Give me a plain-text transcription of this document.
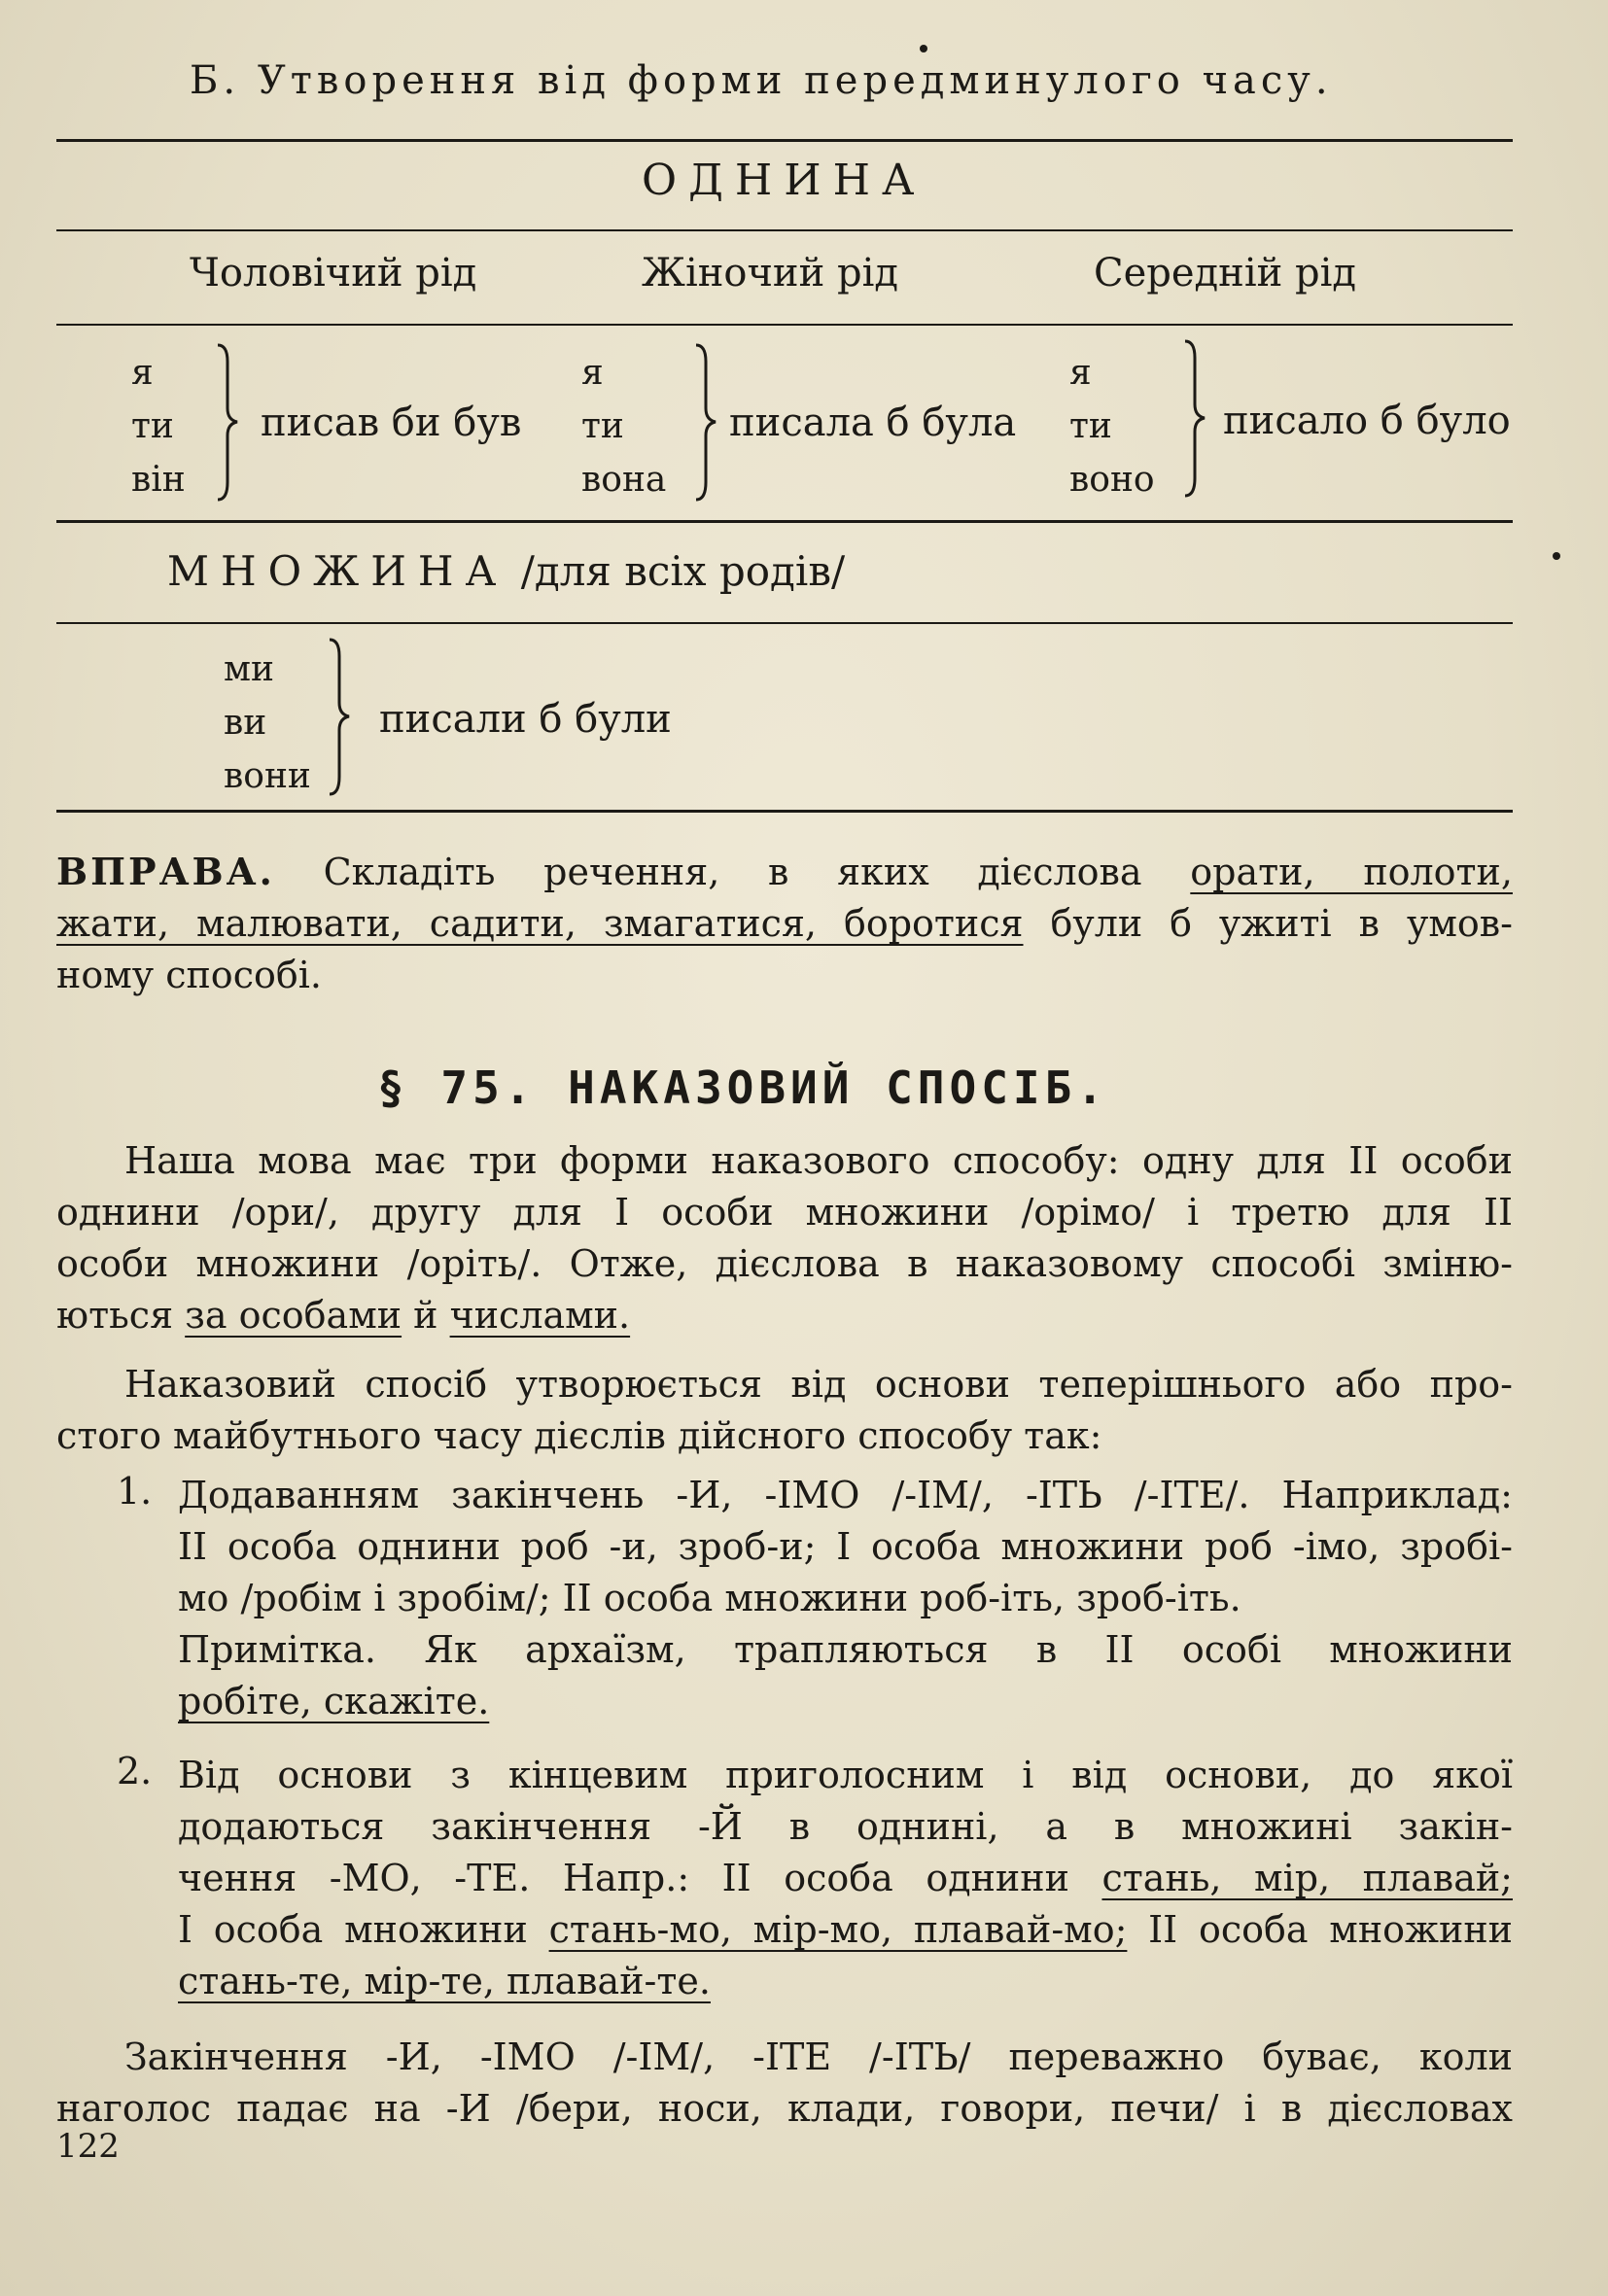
Б. Утворення від форми передминулого часу.
ОДНИНА
Чоловічий рід	Жіночий рід	Середній рід
я
ти
він
писав би був
я
ти
вона
писала б була
я
ти
воно
писало б було
МНОЖИНА /для всіх родів/
ми
ви
вони
писали б були
ВПРАВА. Складіть речення, в яких дієслова орати, полоти,
жати, малювати, садити, змагатися, боротися були б ужиті в умов-
ному способі.
§ 75. НАКАЗОВИЙ СПОСІБ.
Наша мова має три форми наказового способу: одну для II особи
однини /ори/, другу для I особи множини /орімо/ і третю для II
особи множини /оріть/. Отже, дієслова в наказовому способі зміню-
ються за особами й числами.
Наказовий спосіб утворюється від основи теперішнього або про-
стого майбутнього часу дієслів дійсного способу так:
1. Додаванням закінчень -И, -IМО /-IМ/, -IТЬ /-IТЕ/. Наприклад:
II особа однини роб -и, зроб-и; I особа множини роб -імо, зробі-
мо /робім і зробім/; II особа множини роб-іть, зроб-іть.
Примітка. Як архаїзм, трапляються в II особі множини
робіте, скажіте.
2. Від основи з кінцевим приголосним і від основи, до якої
додаються закінчення -Й в однині, а в множині закін-
чення -МО, -ТЕ. Напр.: II особа однини стань, мір, плавай;
I особа множини стань-мо, мір-мо, плавай-мо; II особа множини
стань-те, мір-те, плавай-те.
Закінчення -И, -IМО /-IМ/, -IТЕ /-IТЬ/ переважно буває, коли
наголос падає на -И /бери, носи, клади, говори, печи/ і в дієсловах
122
